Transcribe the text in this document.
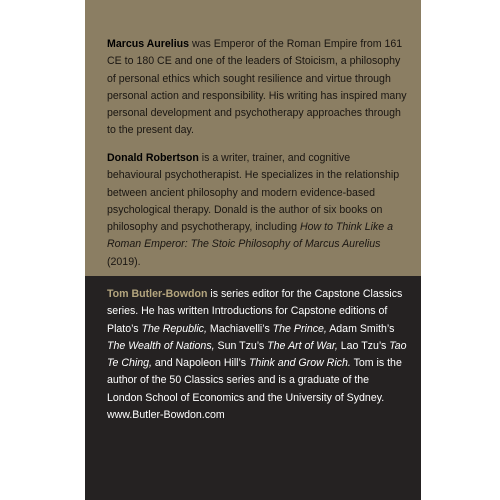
Marcus Aurelius was Emperor of the Roman Empire from 161 CE to 180 CE and one of the leaders of Stoicism, a philosophy of personal ethics which sought resilience and virtue through personal action and responsibility. His writing has inspired many personal development and psychotherapy approaches through to the present day.

Donald Robertson is a writer, trainer, and cognitive behavioural psychotherapist. He specializes in the relationship between ancient philosophy and modern evidence-based psychological therapy. Donald is the author of six books on philosophy and psychotherapy, including How to Think Like a Roman Emperor: The Stoic Philosophy of Marcus Aurelius (2019).

Tom Butler-Bowdon is series editor for the Capstone Classics series. He has written Introductions for Capstone editions of Plato’s The Republic, Machiavelli’s The Prince, Adam Smith’s The Wealth of Nations, Sun Tzu’s The Art of War, Lao Tzu’s Tao Te Ching, and Napoleon Hill’s Think and Grow Rich. Tom is the author of the 50 Classics series and is a graduate of the London School of Economics and the University of Sydney. www.Butler-Bowdon.com
